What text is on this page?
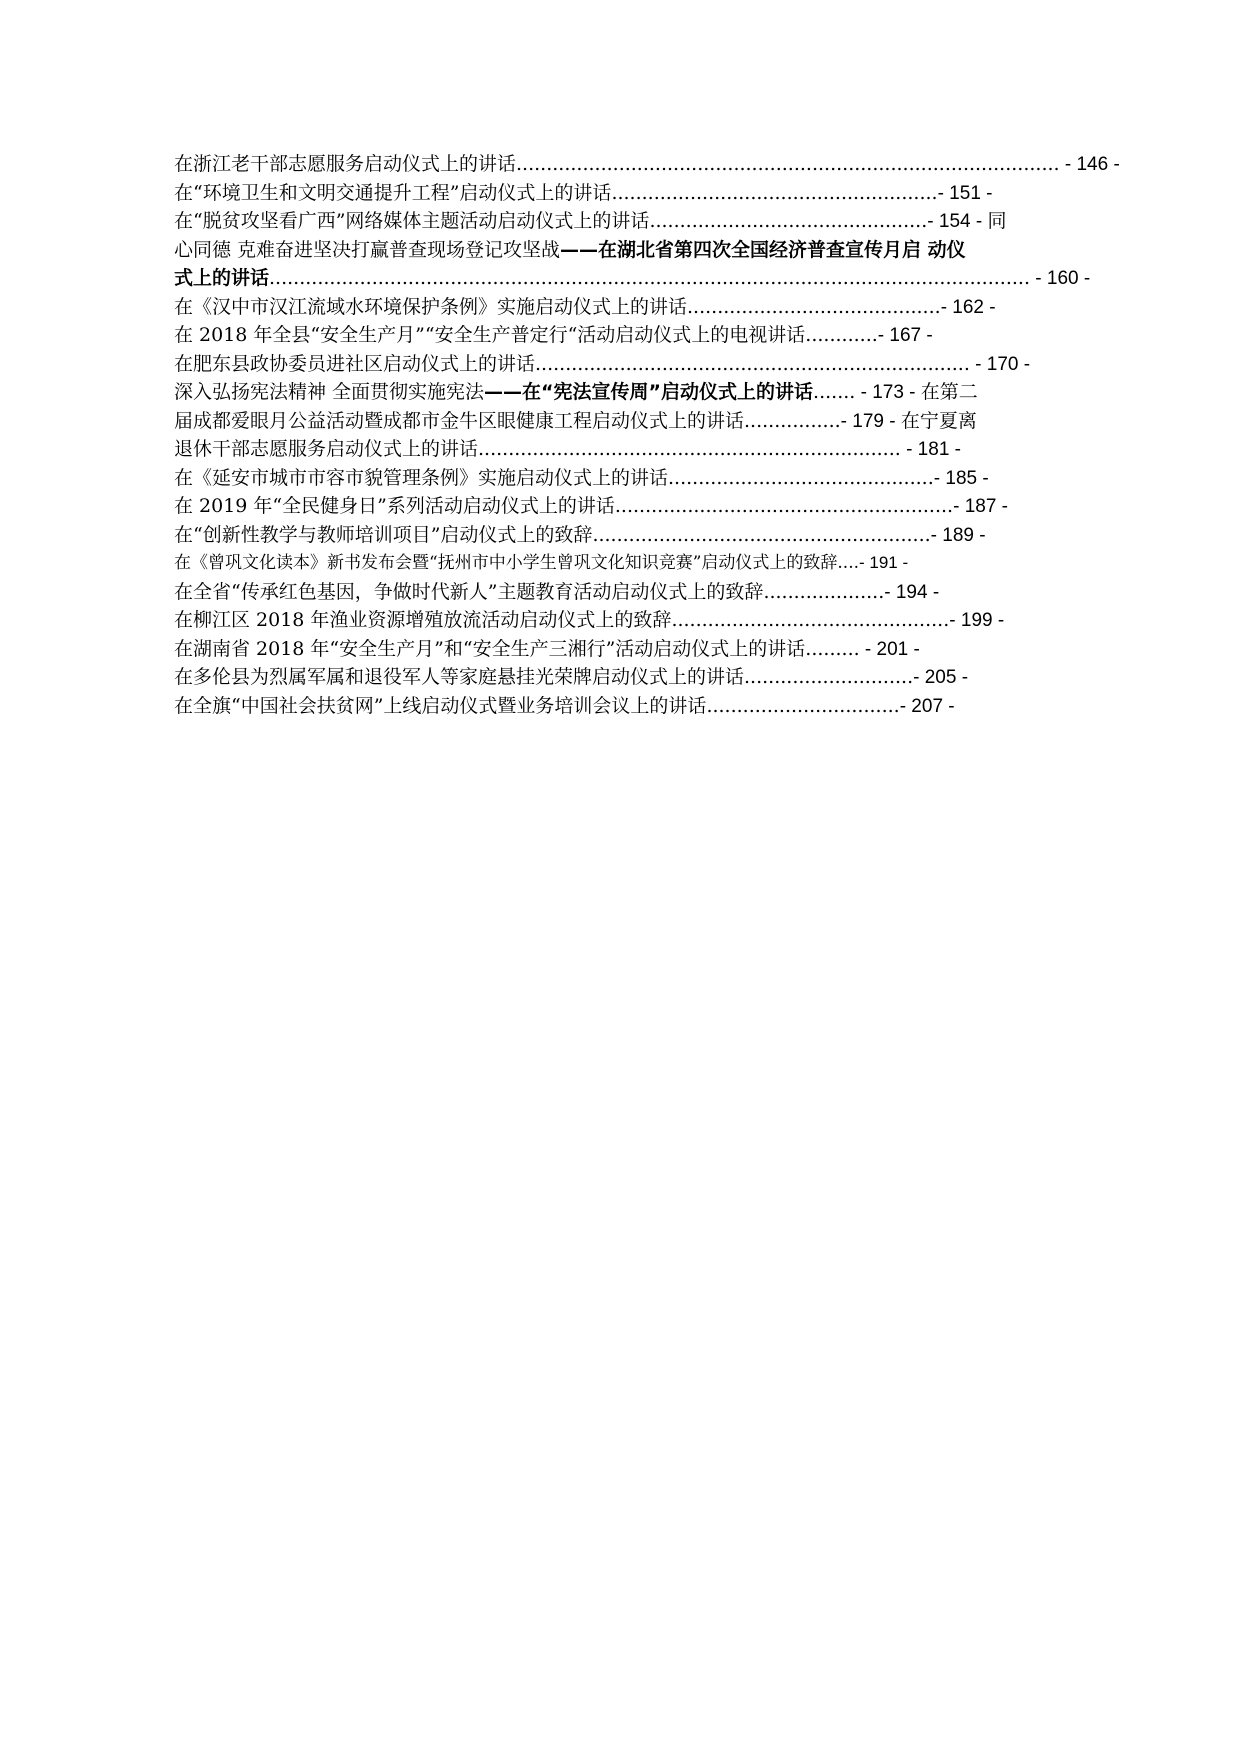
在浙江老干部志愿服务启动仪式上的讲话.......................................................................................... - 146 -
在“环境卫生和文明交通提升工程”启动仪式上的讲话......................................................- 151 -
在“脱贫攻坚看广西”网络媒体主题活动启动仪式上的讲话..............................................- 154 - 同
心同德 克难奋进坚决打赢普查现场登记攻坚战——在湖北省第四次全国经济普查宣传月启 动仪
式上的讲话.............................................................................................................................. - 160 -
在《汉中市汉江流域水环境保护条例》实施启动仪式上的讲话..........................................- 162 -
在 2018 年全县“安全生产月”“安全生产普定行“活动启动仪式上的电视讲话............- 167 -
在肥东县政协委员进社区启动仪式上的讲话........................................................................ - 170 -
深入弘扬宪法精神 全面贯彻实施宪法——在“宪法宣传周”启动仪式上的讲话....... - 173 - 在第二
届成都爱眼月公益活动暨成都市金牛区眼健康工程启动仪式上的讲话................- 179 - 在宁夏离
退休干部志愿服务启动仪式上的讲话...................................................................... - 181 -
在《延安市城市市容市貌管理条例》实施启动仪式上的讲话............................................- 185 -
在 2019 年“全民健身日”系列活动启动仪式上的讲话........................................................- 187 -
在“创新性教学与教师培训项目”启动仪式上的致辞........................................................- 189 -
在《曾巩文化读本》新书发布会暨“抚州市中小学生曾巩文化知识竞赛”启动仪式上的致辞....- 191 -
在全省“传承红色基因，争做时代新人”主题教育活动启动仪式上的致辞....................- 194 -
在柳江区 2018 年渔业资源增殖放流活动启动仪式上的致辞..............................................- 199 -
在湖南省 2018 年“安全生产月”和“安全生产三湘行”活动启动仪式上的讲话......... - 201 -
在多伦县为烈属军属和退役军人等家庭悬挂光荣牌启动仪式上的讲话............................- 205 -
在全旗“中国社会扶贫网”上线启动仪式暨业务培训会议上的讲话................................- 207 -
